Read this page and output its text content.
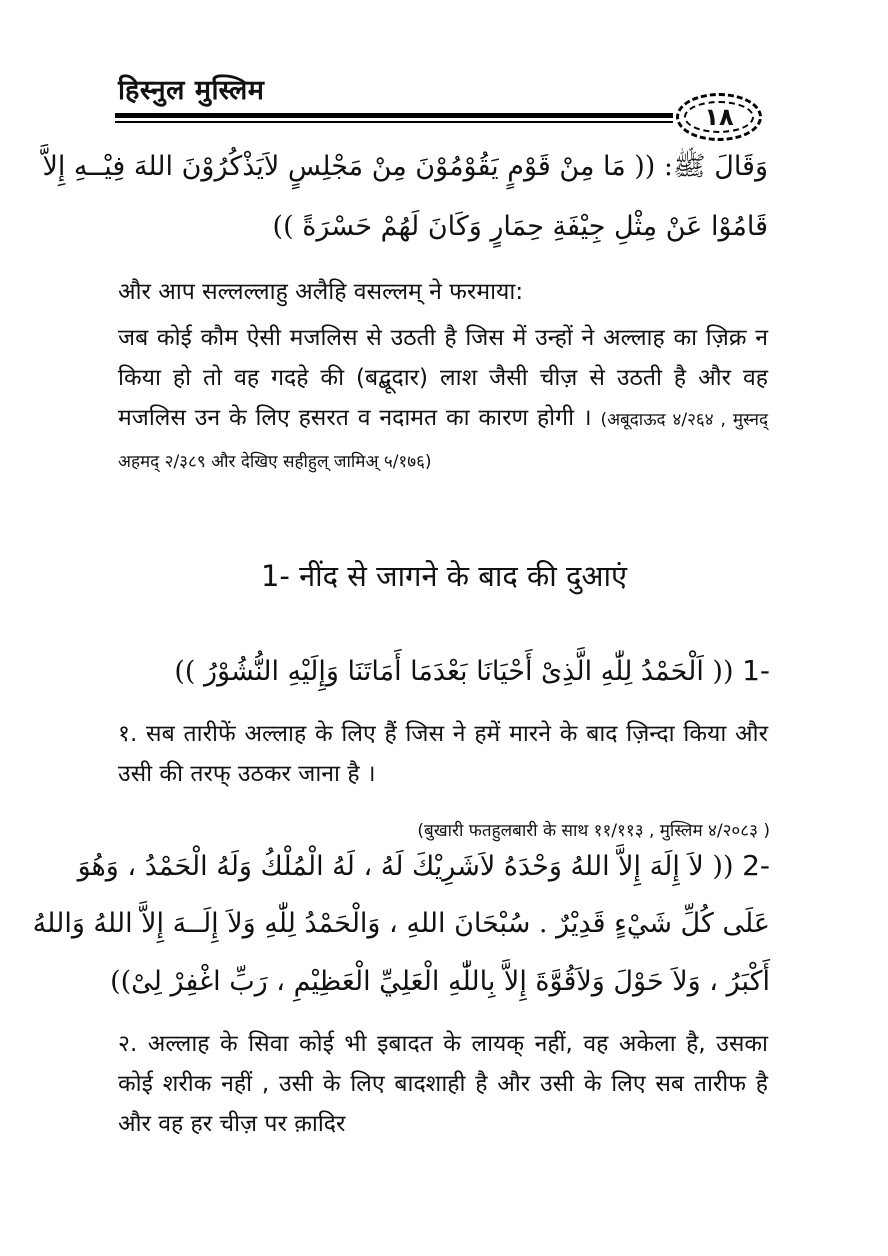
हिस्नुल मुस्लिम
١٨
وَقَالَ ﷺ: (( مَا مِنْ قَوْمٍ يَقُوْمُوْنَ مِنْ مَجْلِسٍ لاَيَذْكُرُوْنَ اللهَ فِيْــهِ إِلاَّ
قَامُوْا عَنْ مِثْلِ جِيْفَةِ حِمَارٍ وَكَانَ لَهُمْ حَسْرَةً ))
और आप सल्लल्लाहु अलैहि वसल्लम् ने फरमाया:
जब कोई कौम ऐसी मजलिस से उठती है जिस में उन्हों ने अल्लाह का ज़िक्र न किया हो तो वह गदहे की (बद्बूदार) लाश जैसी चीज़ से उठती है और वह मजलिस उन के लिए हसरत व नदामत का कारण होगी । (अबूदाऊद ४/२६४ , मुस्नद् अहमद् २/३८९ और देखिए सहीहुल् जामिअ् ५/१७६)
1- नींद से जागने के बाद की दुआएं
1- (( اَلْحَمْدُ لِلّٰهِ الَّذِىْ أَحْيَانَا بَعْدَمَا أَمَاتَنَا وَإِلَيْهِ النُّشُوْرُ ))
१. सब तारीफें अल्लाह के लिए हैं जिस ने हमें मारने के बाद ज़िन्दा किया और उसी की तरफ् उठकर जाना है ।
(बुखारी फतहुलबारी के साथ ११/११३ , मुस्लिम ४/२०८३ )
2- (( لاَ إِلَهَ إِلاَّ اللهُ وَحْدَهُ لاَشَرِيْكَ لَهُ ، لَهُ الْمُلْكُ وَلَهُ الْحَمْدُ ، وَهُوَ
عَلَى كُلِّ شَيْءٍ قَدِيْرٌ . سُبْحَانَ اللهِ ، وَالْحَمْدُ لِلّٰهِ وَلاَ إِلَــهَ إِلاَّ اللهُ وَاللهُ
أَكْبَرُ ، وَلاَ حَوْلَ وَلاَقُوَّةَ إِلاَّ بِاللّٰهِ الْعَلِيِّ الْعَظِيْمِ ، رَبِّ اغْفِرْ لِىْ))
२. अल्लाह के सिवा कोई भी इबादत के लायक् नहीं, वह अकेला है, उसका कोई शरीक नहीं , उसी के लिए बादशाही है और उसी के लिए सब तारीफ है और वह हर चीज़ पर क़ादिर
